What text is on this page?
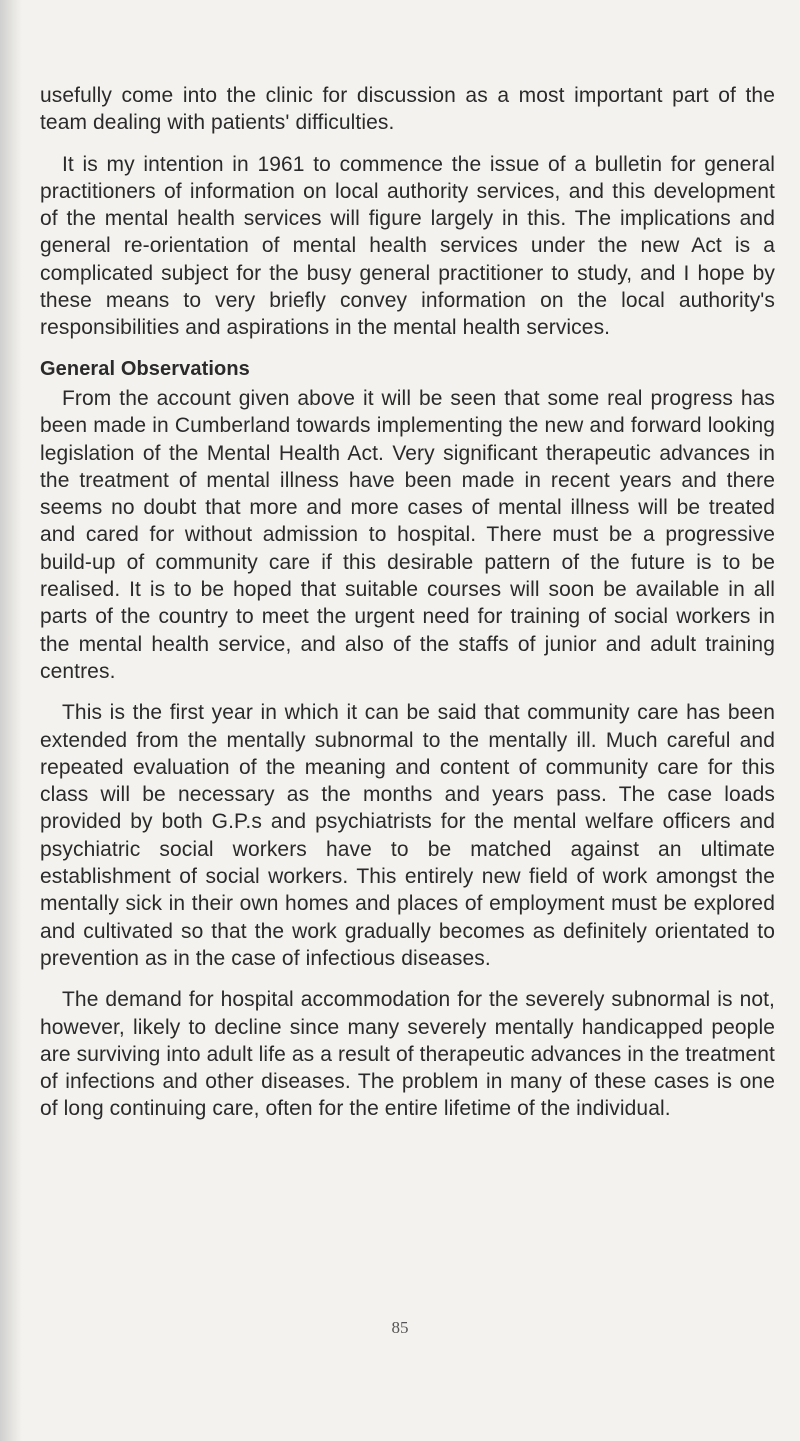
usefully come into the clinic for discussion as a most important part of the team dealing with patients' difficulties.

It is my intention in 1961 to commence the issue of a bulletin for general practitioners of information on local authority services, and this development of the mental health services will figure largely in this. The implications and general re-orientation of mental health services under the new Act is a complicated subject for the busy general practitioner to study, and I hope by these means to very briefly convey information on the local authority's responsibilities and aspirations in the mental health services.

General Observations

From the account given above it will be seen that some real progress has been made in Cumberland towards implementing the new and forward looking legislation of the Mental Health Act. Very significant therapeutic advances in the treatment of mental illness have been made in recent years and there seems no doubt that more and more cases of mental illness will be treated and cared for without admission to hospital. There must be a progressive build-up of community care if this desirable pattern of the future is to be realised. It is to be hoped that suitable courses will soon be available in all parts of the country to meet the urgent need for training of social workers in the mental health service, and also of the staffs of junior and adult training centres.

This is the first year in which it can be said that community care has been extended from the mentally subnormal to the mentally ill. Much careful and repeated evaluation of the meaning and content of community care for this class will be necessary as the months and years pass. The case loads provided by both G.P.s and psychiatrists for the mental welfare officers and psychiatric social workers have to be matched against an ultimate establishment of social workers. This entirely new field of work amongst the mentally sick in their own homes and places of employment must be explored and cultivated so that the work gradually becomes as definitely orientated to prevention as in the case of infectious diseases.

The demand for hospital accommodation for the severely subnormal is not, however, likely to decline since many severely mentally handicapped people are surviving into adult life as a result of therapeutic advances in the treatment of infections and other diseases. The problem in many of these cases is one of long continuing care, often for the entire lifetime of the individual.

85
